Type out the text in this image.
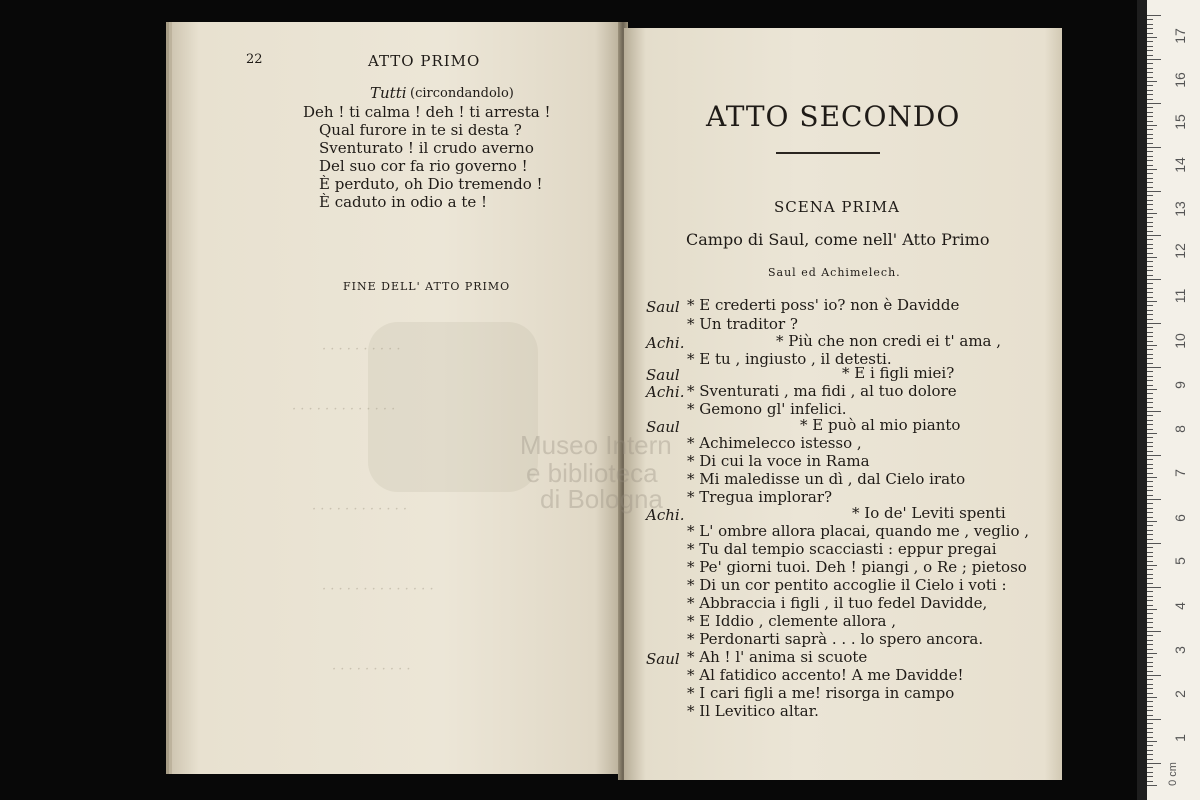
22	ATTO PRIMO
Tutti (circondandolo)
Deh ! ti calma ! deh ! ti arresta !
Qual furore in te si desta ?
Sventurato ! il crudo averno
Del suo cor fa rio governo !
È perduto, oh Dio tremendo !
È caduto in odio a te !
FINE DELL' ATTO PRIMO
· · · · · · · · · ·
· · · · · · · · · · · · ·
· · · · · · · · · · · ·
· · · · · · · · · · · · · ·
· · · · · · · · · ·
ATTO SECONDO
SCENA PRIMA
Campo di Saul, come nell' Atto Primo
Saul ed Achimelech.
Saul * E crederti poss' io? non è Davidde
* Un traditor ?
Achi.	* Più che non credi ei t' ama ,
* E tu , ingiusto , il detesti.
Saul	* E i figli miei?
Achi. * Sventurati , ma fidi , al tuo dolore
* Gemono gl' infelici.
Saul	* E può al mio pianto
* Achimelecco istesso ,
* Di cui la voce in Rama
* Mi maledisse un dì , dal Cielo irato
* Tregua implorar?
Achi.	* Io de' Leviti spenti
* L' ombre allora placai, quando me , veglio ,
* Tu dal tempio scacciasti : eppur pregai
* Pe' giorni tuoi. Deh ! piangi , o Re ; pietoso
* Di un cor pentito accoglie il Cielo i voti :
* Abbraccia i figli , il tuo fedel Davidde,
* E Iddio , clemente allora ,
* Perdonarti saprà . . . lo spero ancora.
Saul * Ah ! l' anima si scuote
* Al fatidico accento! A me Davidde!
* I cari figli a me! risorga in campo
* Il Levitico altar.
Museo Intern
e biblioteca
di Bologna
17
16
15
14
13
12
11
10
9
8
7
6
5
4
3
2
1
0 cm
